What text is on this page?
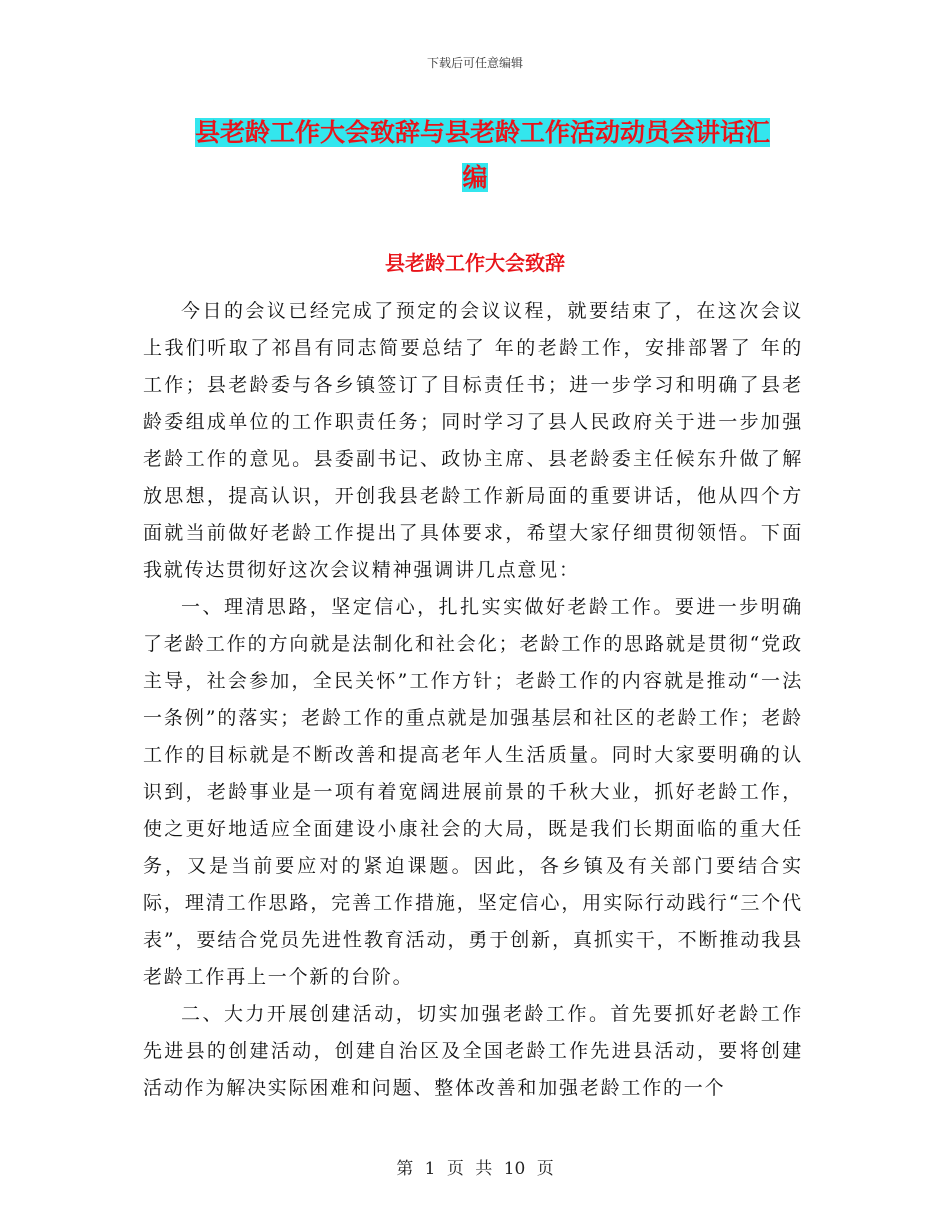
下载后可任意编辑
县老龄工作大会致辞与县老龄工作活动动员会讲话汇
编
县老龄工作大会致辞

今日的会议已经完成了预定的会议议程，就要结束了，在这次会议上我们听取了祁昌有同志简要总结了 年的老龄工作，安排部署了 年的工作；县老龄委与各乡镇签订了目标责任书；进一步学习和明确了县老龄委组成单位的工作职责任务；同时学习了县人民政府关于进一步加强老龄工作的意见。县委副书记、政协主席、县老龄委主任候东升做了解放思想，提高认识，开创我县老龄工作新局面的重要讲话，他从四个方面就当前做好老龄工作提出了具体要求，希望大家仔细贯彻领悟。下面我就传达贯彻好这次会议精神强调讲几点意见：

一、理清思路，坚定信心，扎扎实实做好老龄工作。要进一步明确了老龄工作的方向就是法制化和社会化；老龄工作的思路就是贯彻“党政主导，社会参加，全民关怀”工作方针；老龄工作的内容就是推动“一法一条例”的落实；老龄工作的重点就是加强基层和社区的老龄工作；老龄工作的目标就是不断改善和提高老年人生活质量。同时大家要明确的认识到，老龄事业是一项有着宽阔进展前景的千秋大业，抓好老龄工作，使之更好地适应全面建设小康社会的大局，既是我们长期面临的重大任务，又是当前要应对的紧迫课题。因此，各乡镇及有关部门要结合实际，理清工作思路，完善工作措施，坚定信心，用实际行动践行“三个代表”，要结合党员先进性教育活动，勇于创新，真抓实干，不断推动我县老龄工作再上一个新的台阶。

二、大力开展创建活动，切实加强老龄工作。首先要抓好老龄工作先进县的创建活动，创建自治区及全国老龄工作先进县活动，要将创建活动作为解决实际困难和问题、整体改善和加强老龄工作的一个

第 1 页 共 10 页
